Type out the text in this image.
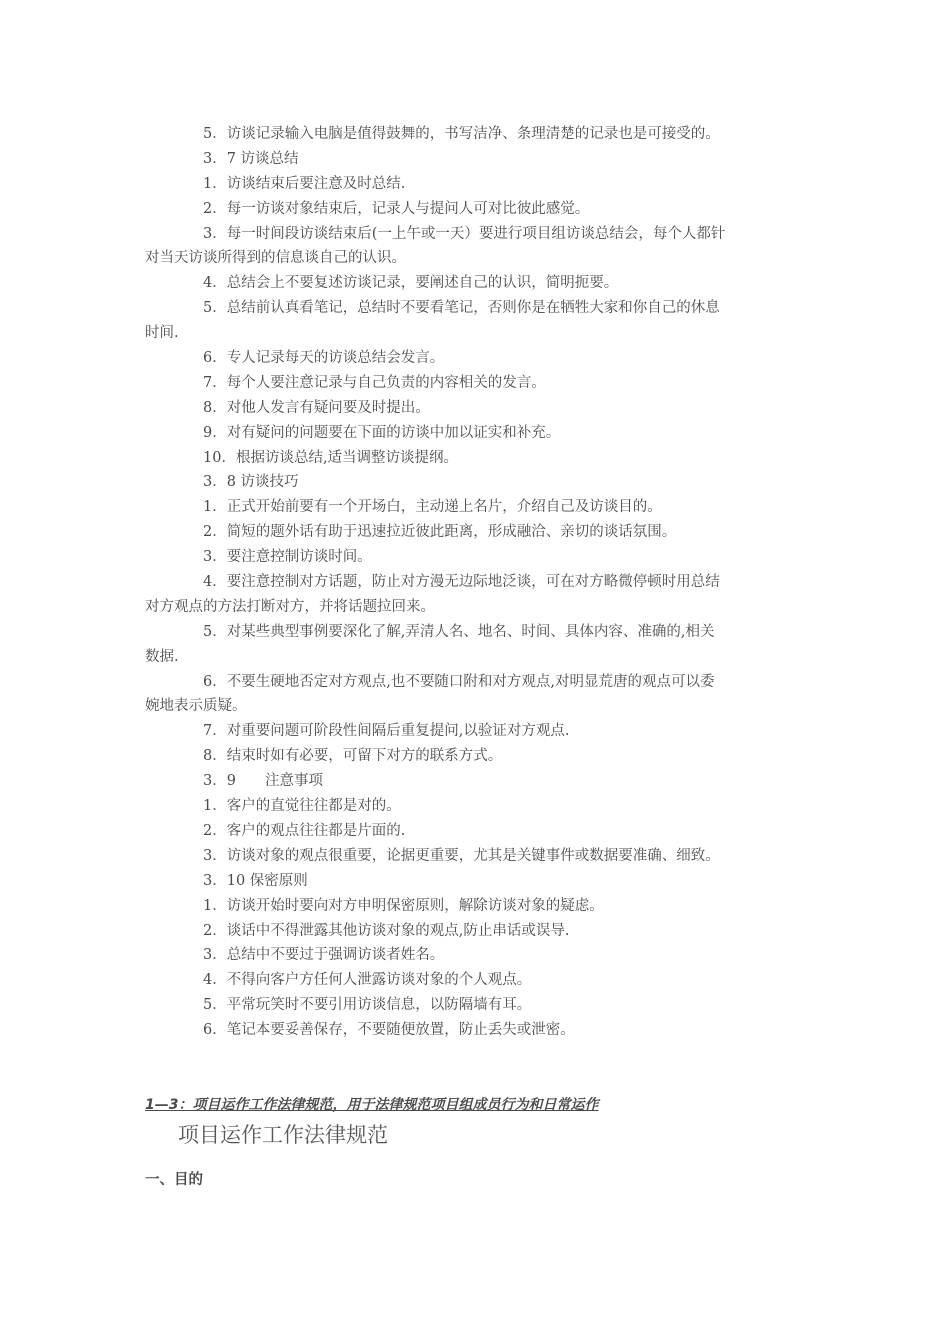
5．访谈记录输入电脑是值得鼓舞的，书写洁净、条理清楚的记录也是可接受的。
3．7 访谈总结
1．访谈结束后要注意及时总结.
2．每一访谈对象结束后，记录人与提问人可对比彼此感觉。
3．每一时间段访谈结束后(一上午或一天）要进行项目组访谈总结会，每个人都针
对当天访谈所得到的信息谈自己的认识。
4．总结会上不要复述访谈记录，要阐述自己的认识，简明扼要。
5．总结前认真看笔记，总结时不要看笔记，否则你是在牺牲大家和你自己的休息
时间.
6．专人记录每天的访谈总结会发言。
7．每个人要注意记录与自己负责的内容相关的发言。
8．对他人发言有疑问要及时提出。
9．对有疑问的问题要在下面的访谈中加以证实和补充。
10．根据访谈总结,适当调整访谈提纲。
3．8 访谈技巧
1．正式开始前要有一个开场白，主动递上名片，介绍自己及访谈目的。
2．简短的题外话有助于迅速拉近彼此距离，形成融洽、亲切的谈话氛围。
3．要注意控制访谈时间。
4．要注意控制对方话题，防止对方漫无边际地泛谈，可在对方略微停顿时用总结
对方观点的方法打断对方，并将话题拉回来。
5．对某些典型事例要深化了解,弄清人名、地名、时间、具体内容、准确的,相关
数据.
6．不要生硬地否定对方观点,也不要随口附和对方观点,对明显荒唐的观点可以委
婉地表示质疑。
7．对重要问题可阶段性间隔后重复提问,以验证对方观点.
8．结束时如有必要，可留下对方的联系方式。
3．9　　注意事项
1．客户的直觉往往都是对的。
2．客户的观点往往都是片面的.
3．访谈对象的观点很重要，论据更重要，尤其是关键事件或数据要准确、细致。
3．10 保密原则
1．访谈开始时要向对方申明保密原则，解除访谈对象的疑虑。
2．谈话中不得泄露其他访谈对象的观点,防止串话或误导.
3．总结中不要过于强调访谈者姓名。
4．不得向客户方任何人泄露访谈对象的个人观点。
5．平常玩笑时不要引用访谈信息，以防隔墙有耳。
6．笔记本要妥善保存，不要随便放置，防止丢失或泄密。

1—3：项目运作工作法律规范，用于法律规范项目组成员行为和日常运作

项目运作工作法律规范
一、目的
